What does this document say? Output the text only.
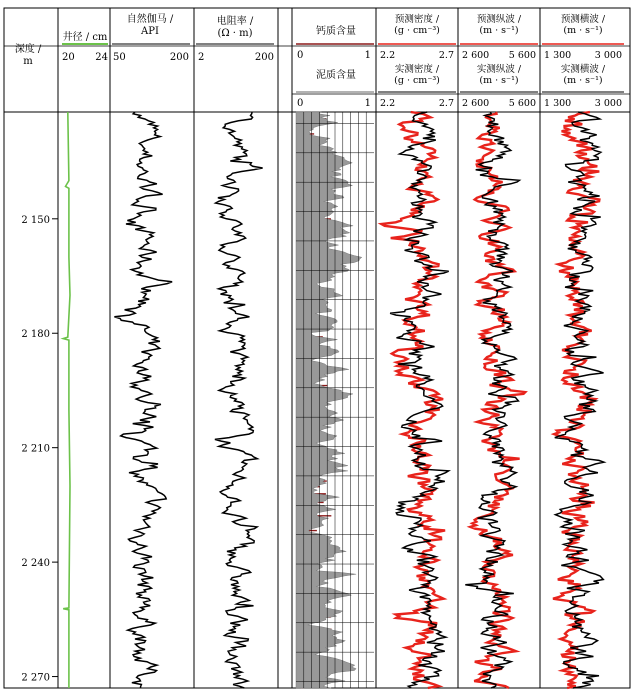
深度 / m
2 150
2 180
2 210
2 240
2 270
井径 / cm
20 24
自然伽马 / API
50	200
电阻率 / (Ω · m)
2	200
钙质含量
0	1
泥质含量
0	1
预测密度 / (g · cm⁻³)
2.2	2.7
实测密度 / (g · cm⁻³)
2.2	2.7
预测纵波 / (m · s⁻¹)
2 600 5 600
实测纵波 / (m · s⁻¹)
2 600 5 600
预测横波 / (m · s⁻¹)
1 300 3 000
实测横波 / (m · s⁻¹)
1 300 3 000
